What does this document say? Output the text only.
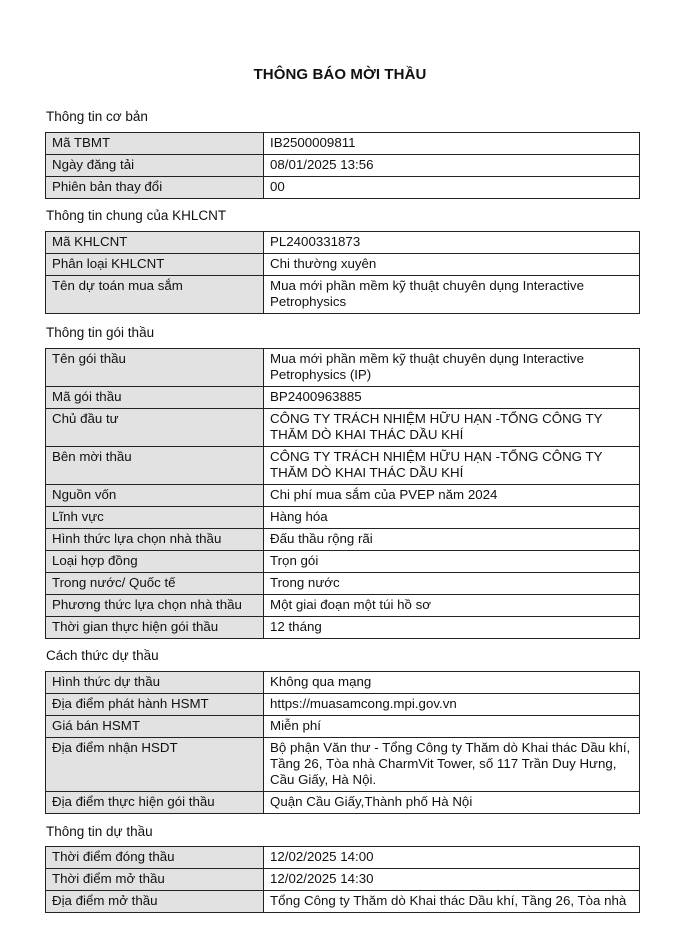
THÔNG BÁO MỜI THẦU
Thông tin cơ bản
Mã TBMT	IB2500009811
Ngày đăng tải	08/01/2025 13:56
Phiên bản thay đổi	00
Thông tin chung của KHLCNT
Mã KHLCNT	PL2400331873
Phân loại KHLCNT	Chi thường xuyên
Tên dự toán mua sắm	Mua mới phần mềm kỹ thuật chuyên dụng Interactive Petrophysics
Thông tin gói thầu
Tên gói thầu	Mua mới phần mềm kỹ thuật chuyên dụng Interactive Petrophysics (IP)
Mã gói thầu	BP2400963885
Chủ đầu tư	CÔNG TY TRÁCH NHIỆM HỮU HẠN -TỔNG CÔNG TY THĂM DÒ KHAI THÁC DẦU KHÍ
Bên mời thầu	CÔNG TY TRÁCH NHIỆM HỮU HẠN -TỔNG CÔNG TY THĂM DÒ KHAI THÁC DẦU KHÍ
Nguồn vốn	Chi phí mua sắm của PVEP năm 2024
Lĩnh vực	Hàng hóa
Hình thức lựa chọn nhà thầu	Đấu thầu rộng rãi
Loại hợp đồng	Trọn gói
Trong nước/ Quốc tế	Trong nước
Phương thức lựa chọn nhà thầu	Một giai đoạn một túi hồ sơ
Thời gian thực hiện gói thầu	12 tháng
Cách thức dự thầu
Hình thức dự thầu	Không qua mạng
Địa điểm phát hành HSMT	https://muasamcong.mpi.gov.vn
Giá bán HSMT	Miễn phí
Địa điểm nhận HSDT	Bộ phận Văn thư - Tổng Công ty Thăm dò Khai thác Dầu khí, Tầng 26, Tòa nhà CharmVit Tower, số 117 Trần Duy Hưng, Cầu Giấy, Hà Nội.
Địa điểm thực hiện gói thầu	Quận Cầu Giấy,Thành phố Hà Nội
Thông tin dự thầu
Thời điểm đóng thầu	12/02/2025 14:00
Thời điểm mở thầu	12/02/2025 14:30
Địa điểm mở thầu	Tổng Công ty Thăm dò Khai thác Dầu khí, Tầng 26, Tòa nhà
